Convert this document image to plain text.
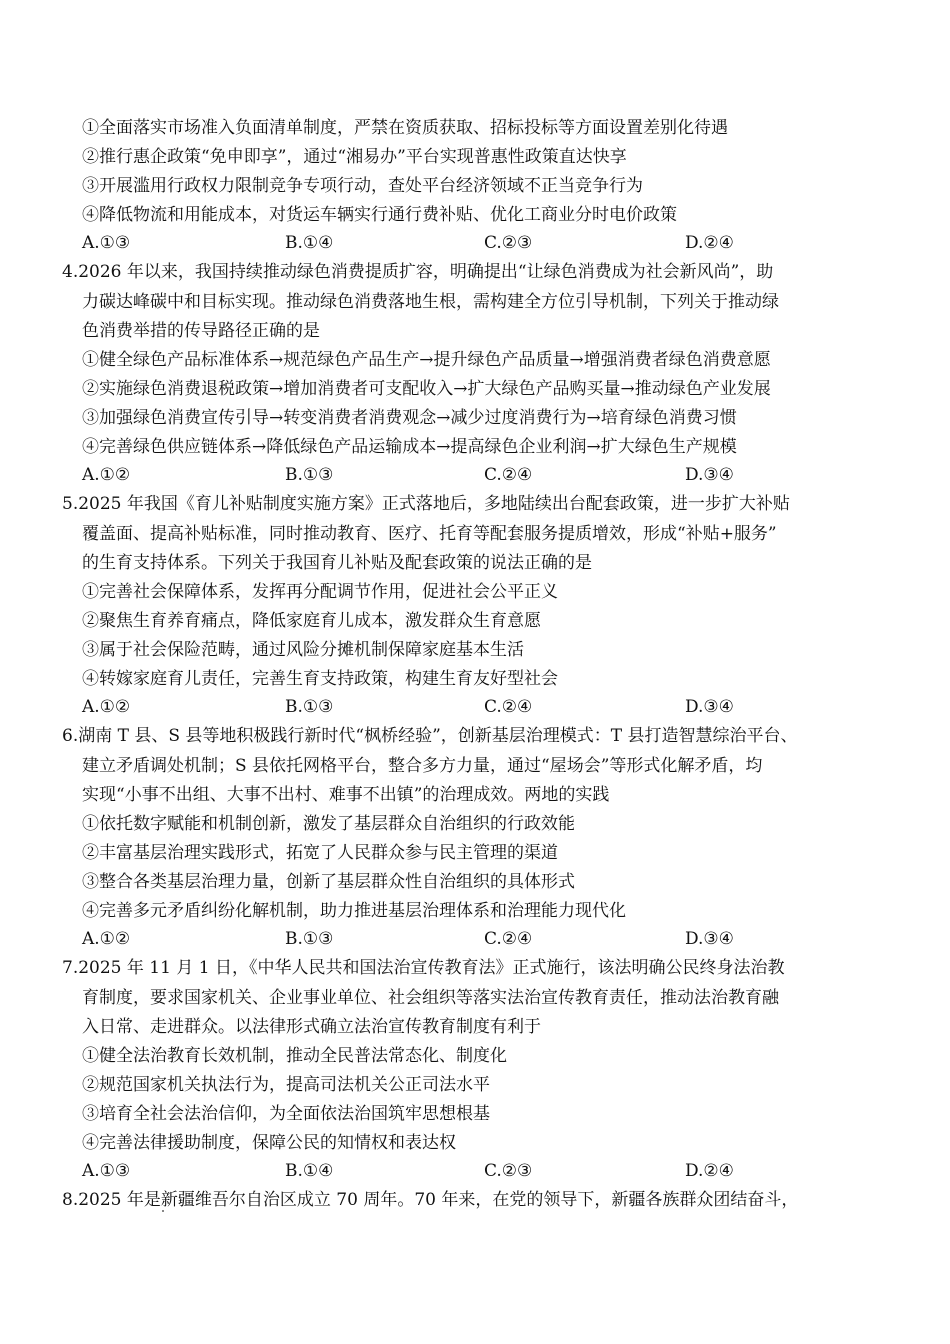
①全面落实市场准入负面清单制度，严禁在资质获取、招标投标等方面设置差别化待遇
②推行惠企政策“免申即享”，通过“湘易办”平台实现普惠性政策直达快享
③开展滥用行政权力限制竞争专项行动，查处平台经济领域不正当竞争行为
④降低物流和用能成本，对货运车辆实行通行费补贴、优化工商业分时电价政策
A.①③	B.①④	C.②③	D.②④
4.2026 年以来，我国持续推动绿色消费提质扩容，明确提出“让绿色消费成为社会新风尚”，助
力碳达峰碳中和目标实现。推动绿色消费落地生根，需构建全方位引导机制，下列关于推动绿
色消费举措的传导路径正确的是
①健全绿色产品标准体系→规范绿色产品生产→提升绿色产品质量→增强消费者绿色消费意愿
②实施绿色消费退税政策→增加消费者可支配收入→扩大绿色产品购买量→推动绿色产业发展
③加强绿色消费宣传引导→转变消费者消费观念→减少过度消费行为→培育绿色消费习惯
④完善绿色供应链体系→降低绿色产品运输成本→提高绿色企业利润→扩大绿色生产规模
A.①②	B.①③	C.②④	D.③④
5.2025 年我国《育儿补贴制度实施方案》正式落地后，多地陆续出台配套政策，进一步扩大补贴
覆盖面、提高补贴标准，同时推动教育、医疗、托育等配套服务提质增效，形成“补贴+服务”
的生育支持体系。下列关于我国育儿补贴及配套政策的说法正确的是
①完善社会保障体系，发挥再分配调节作用，促进社会公平正义
②聚焦生育养育痛点，降低家庭育儿成本，激发群众生育意愿
③属于社会保险范畴，通过风险分摊机制保障家庭基本生活
④转嫁家庭育儿责任，完善生育支持政策，构建生育友好型社会
A.①②	B.①③	C.②④	D.③④
6.湖南 T 县、S 县等地积极践行新时代“枫桥经验”，创新基层治理模式：T 县打造智慧综治平台、
建立矛盾调处机制；S 县依托网格平台，整合多方力量，通过“屋场会”等形式化解矛盾，均
实现“小事不出组、大事不出村、难事不出镇”的治理成效。两地的实践
①依托数字赋能和机制创新，激发了基层群众自治组织的行政效能
②丰富基层治理实践形式，拓宽了人民群众参与民主管理的渠道
③整合各类基层治理力量，创新了基层群众性自治组织的具体形式
④完善多元矛盾纠纷化解机制，助力推进基层治理体系和治理能力现代化
A.①②	B.①③	C.②④	D.③④
7.2025 年 11 月 1 日，《中华人民共和国法治宣传教育法》正式施行，该法明确公民终身法治教
育制度，要求国家机关、企业事业单位、社会组织等落实法治宣传教育责任，推动法治教育融
入日常、走进群众。以法律形式确立法治宣传教育制度有利于
①健全法治教育长效机制，推动全民普法常态化、制度化
②规范国家机关执法行为，提高司法机关公正司法水平
③培育全社会法治信仰，为全面依法治国筑牢思想根基
④完善法律援助制度，保障公民的知情权和表达权
A.①③	B.①④	C.②③	D.②④
8.2025 年是新疆维吾尔自治区成立 70 周年。70 年来，在党的领导下，新疆各族群众团结奋斗，
